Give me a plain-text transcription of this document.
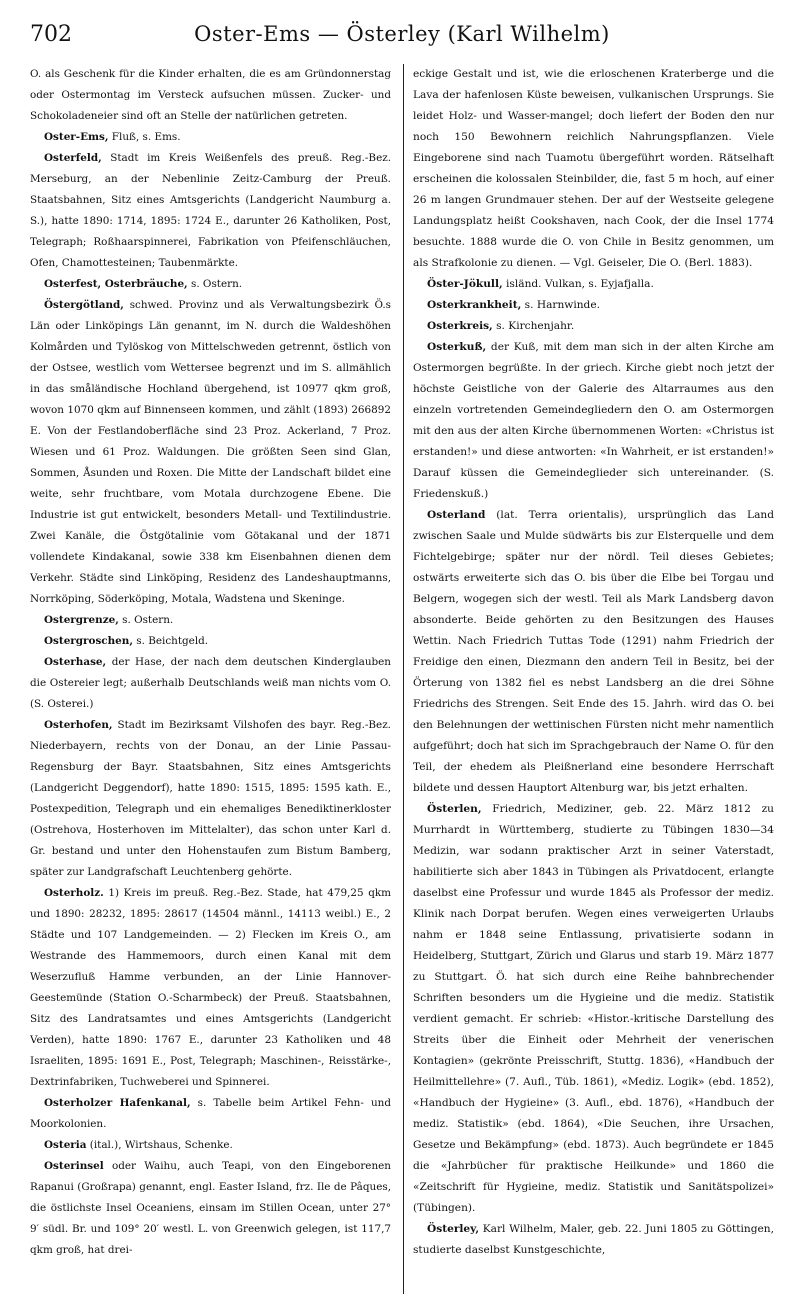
702	Oster-Ems — Österley (Karl Wilhelm)

O. als Geschenk für die Kinder erhalten, die es am Gründonnerstag oder Ostermontag im Versteck aufsuchen müssen. Zucker- und Schokoladeneier sind oft an Stelle der natürlichen getreten.

Oster-Ems, Fluß, s. Ems.

Osterfeld, Stadt im Kreis Weißenfels des preuß. Reg.-Bez. Merseburg, an der Nebenlinie Zeitz-Camburg der Preuß. Staatsbahnen, Sitz eines Amtsgerichts (Landgericht Naumburg a. S.), hatte 1890: 1714, 1895: 1724 E., darunter 26 Katholiken, Post, Telegraph; Roßhaarspinnerei, Fabrikation von Pfeifenschläuchen, Ofen, Chamottesteinen; Taubenmärkte.

Osterfest, Osterbräuche, s. Ostern.

Östergötland, schwed. Provinz und als Verwaltungsbezirk Ö.s Län oder Linköpings Län genannt, im N. durch die Waldeshöhen Kolmården und Tylöskog von Mittelschweden getrennt, östlich von der Ostsee, westlich vom Wettersee begrenzt und im S. allmählich in das småländische Hochland übergehend, ist 10977 qkm groß, wovon 1070 qkm auf Binnenseen kommen, und zählt (1893) 266892 E. Von der Festlandoberfläche sind 23 Proz. Ackerland, 7 Proz. Wiesen und 61 Proz. Waldungen. Die größten Seen sind Glan, Sommen, Åsunden und Roxen. Die Mitte der Landschaft bildet eine weite, sehr fruchtbare, vom Motala durchzogene Ebene. Die Industrie ist gut entwickelt, besonders Metall- und Textilindustrie. Zwei Kanäle, die Östgötalinie vom Götakanal und der 1871 vollendete Kindakanal, sowie 338 km Eisenbahnen dienen dem Verkehr. Städte sind Linköping, Residenz des Landeshauptmanns, Norrköping, Söderköping, Motala, Wadstena und Skeninge.

Ostergrenze, s. Ostern.

Ostergroschen, s. Beichtgeld.

Osterhase, der Hase, der nach dem deutschen Kinderglauben die Ostereier legt; außerhalb Deutschlands weiß man nichts vom O. (S. Osterei.)

Osterhofen, Stadt im Bezirksamt Vilshofen des bayr. Reg.-Bez. Niederbayern, rechts von der Donau, an der Linie Passau-Regensburg der Bayr. Staatsbahnen, Sitz eines Amtsgerichts (Landgericht Deggendorf), hatte 1890: 1515, 1895: 1595 kath. E., Postexpedition, Telegraph und ein ehemaliges Benediktinerkloster (Ostrehova, Hosterhoven im Mittelalter), das schon unter Karl d. Gr. bestand und unter den Hohenstaufen zum Bistum Bamberg, später zur Landgrafschaft Leuchtenberg gehörte.

Osterholz. 1) Kreis im preuß. Reg.-Bez. Stade, hat 479,25 qkm und 1890: 28232, 1895: 28617 (14504 männl., 14113 weibl.) E., 2 Städte und 107 Landgemeinden. — 2) Flecken im Kreis O., am Westrande des Hammemoors, durch einen Kanal mit dem Weserzufluß Hamme verbunden, an der Linie Hannover-Geestemünde (Station O.-Scharmbeck) der Preuß. Staatsbahnen, Sitz des Landratsamtes und eines Amtsgerichts (Landgericht Verden), hatte 1890: 1767 E., darunter 23 Katholiken und 48 Israeliten, 1895: 1691 E., Post, Telegraph; Maschinen-, Reisstärke-, Dextrinfabriken, Tuchweberei und Spinnerei.

Osterholzer Hafenkanal, s. Tabelle beim Artikel Fehn- und Moorkolonien.

Osteria (ital.), Wirtshaus, Schenke.

Osterinsel oder Waihu, auch Teapi, von den Eingeborenen Rapanui (Großrapa) genannt, engl. Easter Island, frz. Ile de Pâques, die östlichste Insel Oceaniens, einsam im Stillen Ocean, unter 27° 9′ südl. Br. und 109° 20′ westl. L. von Greenwich gelegen, ist 117,7 qkm groß, hat drei-

eckige Gestalt und ist, wie die erloschenen Kraterberge und die Lava der hafenlosen Küste beweisen, vulkanischen Ursprungs. Sie leidet Holz- und Wasser-mangel; doch liefert der Boden den nur noch 150 Bewohnern reichlich Nahrungspflanzen. Viele Eingeborene sind nach Tuamotu übergeführt worden. Rätselhaft erscheinen die kolossalen Steinbilder, die, fast 5 m hoch, auf einer 26 m langen Grundmauer stehen. Der auf der Westseite gelegene Landungsplatz heißt Cookshaven, nach Cook, der die Insel 1774 besuchte. 1888 wurde die O. von Chile in Besitz genommen, um als Strafkolonie zu dienen. — Vgl. Geiseler, Die O. (Berl. 1883).

Öster-Jökull, isländ. Vulkan, s. Eyjafjalla.

Osterkrankheit, s. Harnwinde.

Osterkreis, s. Kirchenjahr.

Osterkuß, der Kuß, mit dem man sich in der alten Kirche am Ostermorgen begrüßte. In der griech. Kirche giebt noch jetzt der höchste Geistliche von der Galerie des Altarraumes aus den einzeln vortretenden Gemeindegliedern den O. am Ostermorgen mit den aus der alten Kirche übernommenen Worten: «Christus ist erstanden!» und diese antworten: «In Wahrheit, er ist erstanden!» Darauf küssen die Gemeindeglieder sich untereinander. (S. Friedenskuß.)

Osterland (lat. Terra orientalis), ursprünglich das Land zwischen Saale und Mulde südwärts bis zur Elsterquelle und dem Fichtelgebirge; später nur der nördl. Teil dieses Gebietes; ostwärts erweiterte sich das O. bis über die Elbe bei Torgau und Belgern, wogegen sich der westl. Teil als Mark Landsberg davon absonderte. Beide gehörten zu den Besitzungen des Hauses Wettin. Nach Friedrich Tuttas Tode (1291) nahm Friedrich der Freidige den einen, Diezmann den andern Teil in Besitz, bei der Örterung von 1382 fiel es nebst Landsberg an die drei Söhne Friedrichs des Strengen. Seit Ende des 15. Jahrh. wird das O. bei den Belehnungen der wettinischen Fürsten nicht mehr namentlich aufgeführt; doch hat sich im Sprachgebrauch der Name O. für den Teil, der ehedem als Pleißnerland eine besondere Herrschaft bildete und dessen Hauptort Altenburg war, bis jetzt erhalten.

Österlen, Friedrich, Mediziner, geb. 22. März 1812 zu Murrhardt in Württemberg, studierte zu Tübingen 1830—34 Medizin, war sodann praktischer Arzt in seiner Vaterstadt, habilitierte sich aber 1843 in Tübingen als Privatdocent, erlangte daselbst eine Professur und wurde 1845 als Professor der mediz. Klinik nach Dorpat berufen. Wegen eines verweigerten Urlaubs nahm er 1848 seine Entlassung, privatisierte sodann in Heidelberg, Stuttgart, Zürich und Glarus und starb 19. März 1877 zu Stuttgart. Ö. hat sich durch eine Reihe bahnbrechender Schriften besonders um die Hygieine und die mediz. Statistik verdient gemacht. Er schrieb: «Histor.-kritische Darstellung des Streits über die Einheit oder Mehrheit der venerischen Kontagien» (gekrönte Preisschrift, Stuttg. 1836), «Handbuch der Heilmittellehre» (7. Aufl., Tüb. 1861), «Mediz. Logik» (ebd. 1852), «Handbuch der Hygieine» (3. Aufl., ebd. 1876), «Handbuch der mediz. Statistik» (ebd. 1864), «Die Seuchen, ihre Ursachen, Gesetze und Bekämpfung» (ebd. 1873). Auch begründete er 1845 die «Jahrbücher für praktische Heilkunde» und 1860 die «Zeitschrift für Hygieine, mediz. Statistik und Sanitätspolizei» (Tübingen).

Österley, Karl Wilhelm, Maler, geb. 22. Juni 1805 zu Göttingen, studierte daselbst Kunstgeschichte,
